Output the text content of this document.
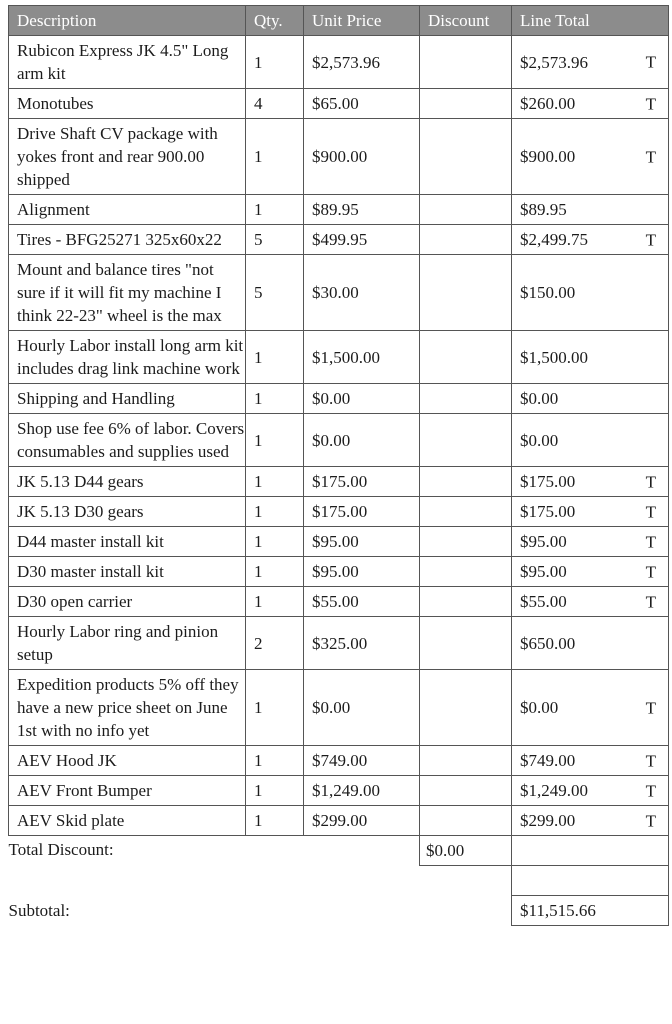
Description	Qty.	Unit Price	Discount	Line Total
Rubicon Express JK 4.5" Long arm kit	1	$2,573.96		$2,573.96 T

Monotubes	4	$65.00		$260.00 T

Drive Shaft CV package with yokes front and rear 900.00 shipped	1	$900.00		$900.00 T

Alignment	1	$89.95		$89.95

Tires - BFG25271 325x60x22	5	$499.95		$2,499.75 T

Mount and balance tires "not sure if it will fit my machine I think 22-23" wheel is the max	5	$30.00		$150.00

Hourly Labor install long arm kit includes drag link machine work	1	$1,500.00		$1,500.00

Shipping and Handling	1	$0.00		$0.00

Shop use fee 6% of labor. Covers consumables and supplies used	1	$0.00		$0.00

JK 5.13 D44 gears	1	$175.00		$175.00 T

JK 5.13 D30 gears	1	$175.00		$175.00 T

D44 master install kit	1	$95.00		$95.00 T

D30 master install kit	1	$95.00		$95.00 T

D30 open carrier	1	$55.00		$55.00 T

Hourly Labor ring and pinion setup	2	$325.00		$650.00

Expedition products 5% off they have a new price sheet on June 1st with no info yet	1	$0.00		$0.00 T

AEV Hood JK	1	$749.00		$749.00 T

AEV Front Bumper	1	$1,249.00		$1,249.00 T

AEV Skid plate	1	$299.00		$299.00 T

Total Discount:			$0.00	

Subtotal:				$11,515.66
